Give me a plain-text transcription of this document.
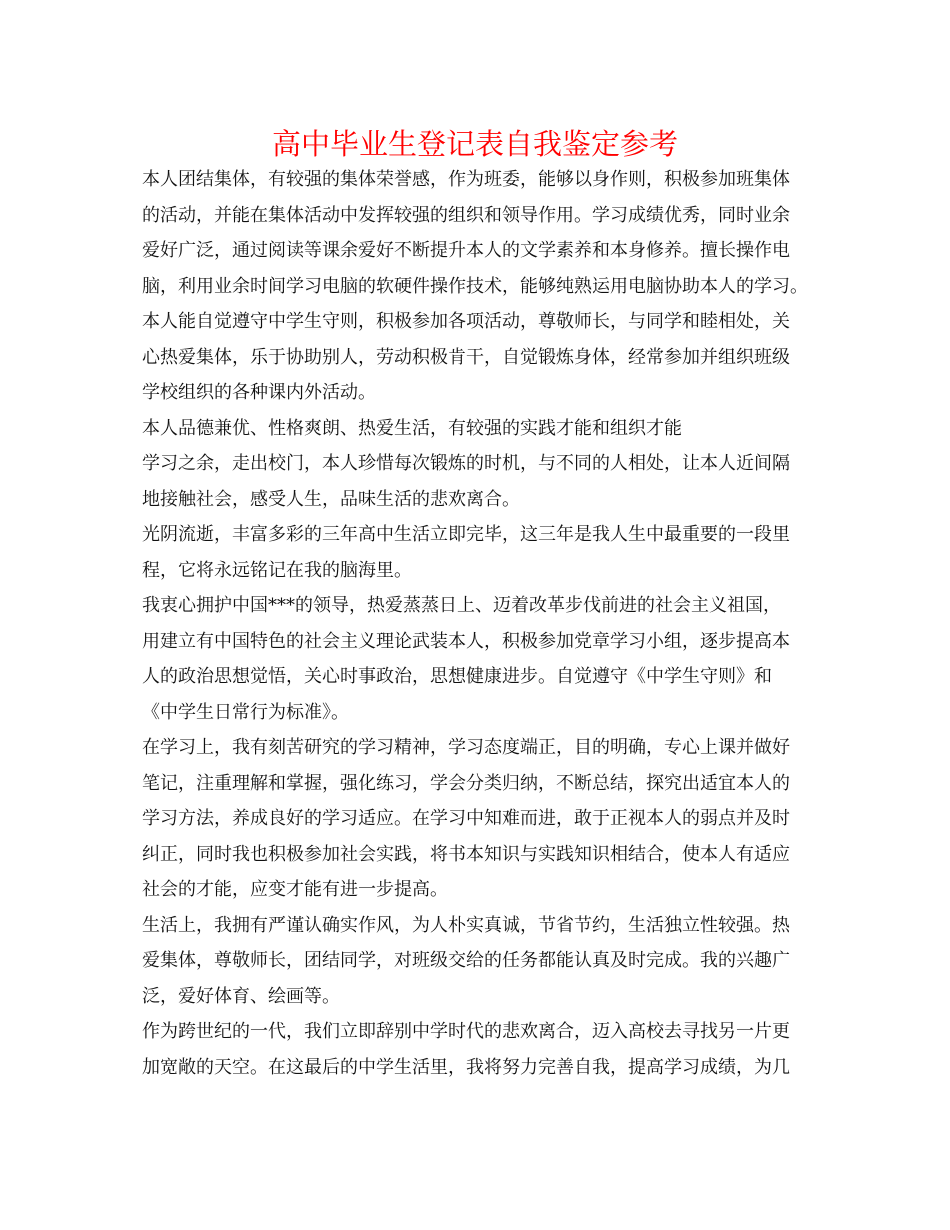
高中毕业生登记表自我鉴定参考
本人团结集体，有较强的集体荣誉感，作为班委，能够以身作则，积极参加班集体
的活动，并能在集体活动中发挥较强的组织和领导作用。学习成绩优秀，同时业余
爱好广泛，通过阅读等课余爱好不断提升本人的文学素养和本身修养。擅长操作电
脑，利用业余时间学习电脑的软硬件操作技术，能够纯熟运用电脑协助本人的学习。
本人能自觉遵守中学生守则，积极参加各项活动，尊敬师长，与同学和睦相处，关
心热爱集体，乐于协助别人，劳动积极肯干，自觉锻炼身体，经常参加并组织班级
学校组织的各种课内外活动。
本人品德兼优、性格爽朗、热爱生活，有较强的实践才能和组织才能
学习之余，走出校门，本人珍惜每次锻炼的时机，与不同的人相处，让本人近间隔
地接触社会，感受人生，品味生活的悲欢离合。
光阴流逝，丰富多彩的三年高中生活立即完毕，这三年是我人生中最重要的一段里
程，它将永远铭记在我的脑海里。
我衷心拥护中国***的领导，热爱蒸蒸日上、迈着改革步伐前进的社会主义祖国，
用建立有中国特色的社会主义理论武装本人，积极参加党章学习小组，逐步提高本
人的政治思想觉悟，关心时事政治，思想健康进步。自觉遵守《中学生守则》和
《中学生日常行为标准》。
在学习上，我有刻苦研究的学习精神，学习态度端正，目的明确，专心上课并做好
笔记，注重理解和掌握，强化练习，学会分类归纳，不断总结，探究出适宜本人的
学习方法，养成良好的学习适应。在学习中知难而进，敢于正视本人的弱点并及时
纠正，同时我也积极参加社会实践，将书本知识与实践知识相结合，使本人有适应
社会的才能，应变才能有进一步提高。
生活上，我拥有严谨认确实作风，为人朴实真诚，节省节约，生活独立性较强。热
爱集体，尊敬师长，团结同学，对班级交给的任务都能认真及时完成。我的兴趣广
泛，爱好体育、绘画等。
作为跨世纪的一代，我们立即辞别中学时代的悲欢离合，迈入高校去寻找另一片更
加宽敞的天空。在这最后的中学生活里，我将努力完善自我，提高学习成绩，为几
